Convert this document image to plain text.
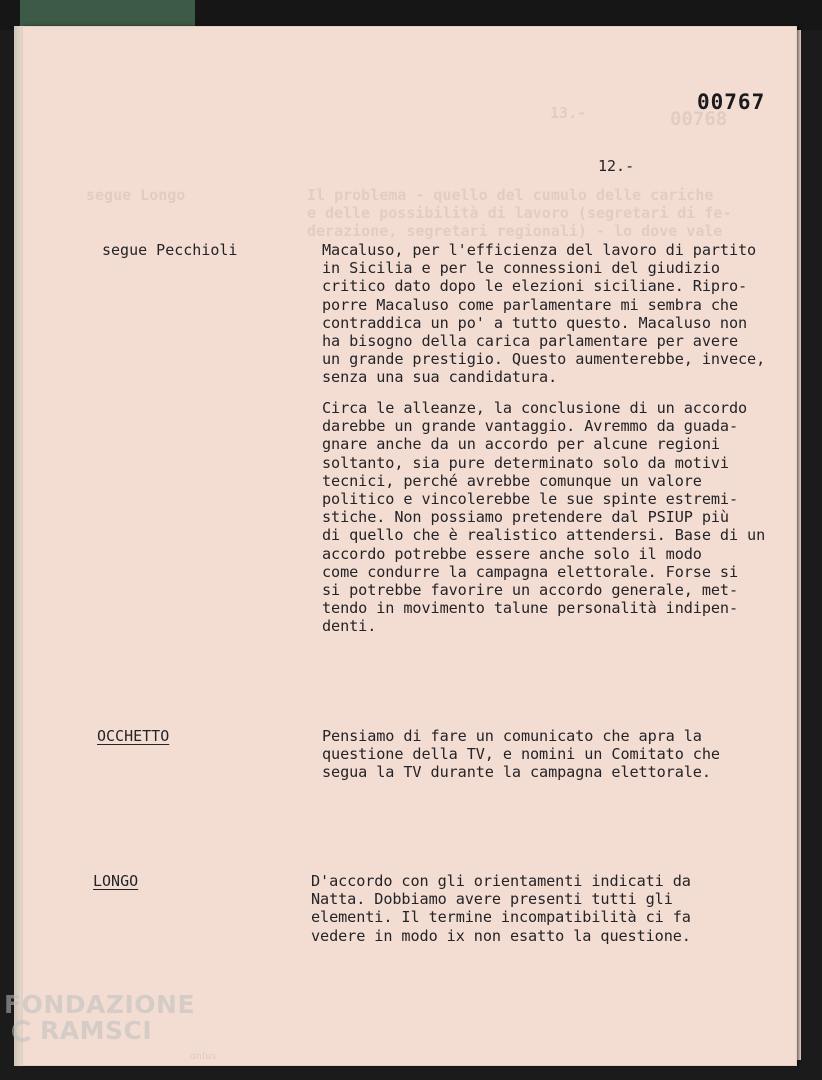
13.-	00768
segue Longo	Il problema - quello del cumulo delle cariche
e delle possibilità di lavoro (segretari di fe-
derazione, segretari regionali) - lo dove vale
00767
12.-
segue Pecchioli	Macaluso, per l'efficienza del lavoro di partito
in Sicilia e per le connessioni del giudizio
critico dato dopo le elezioni siciliane. Ripro-
porre Macaluso come parlamentare mi sembra che
contraddica un po' a tutto questo. Macaluso non
ha bisogno della carica parlamentare per avere
un grande prestigio. Questo aumenterebbe, invece,
senza una sua candidatura.
Circa le alleanze, la conclusione di un accordo
darebbe un grande vantaggio. Avremmo da guada-
gnare anche da un accordo per alcune regioni
soltanto, sia pure determinato solo da motivi
tecnici, perché avrebbe comunque un valore
politico e vincolerebbe le sue spinte estremi-
stiche. Non possiamo pretendere dal PSIUP più
di quello che è realistico attendersi. Base di un
accordo potrebbe essere anche solo il modo
come condurre la campagna elettorale. Forse si
si potrebbe favorire un accordo generale, met-
tendo in movimento talune personalità indipen-
denti.
OCCHETTO	Pensiamo di fare un comunicato che apra la
questione della TV, e nomini un Comitato che
segua la TV durante la campagna elettorale.
LONGO	D'accordo con gli orientamenti indicati da
Natta. Dobbiamo avere presenti tutti gli
elementi. Il termine incompatibilità ci fa
vedere in modo ix non esatto la questione.
FONDAZIONE
RAMSCI
onlus
